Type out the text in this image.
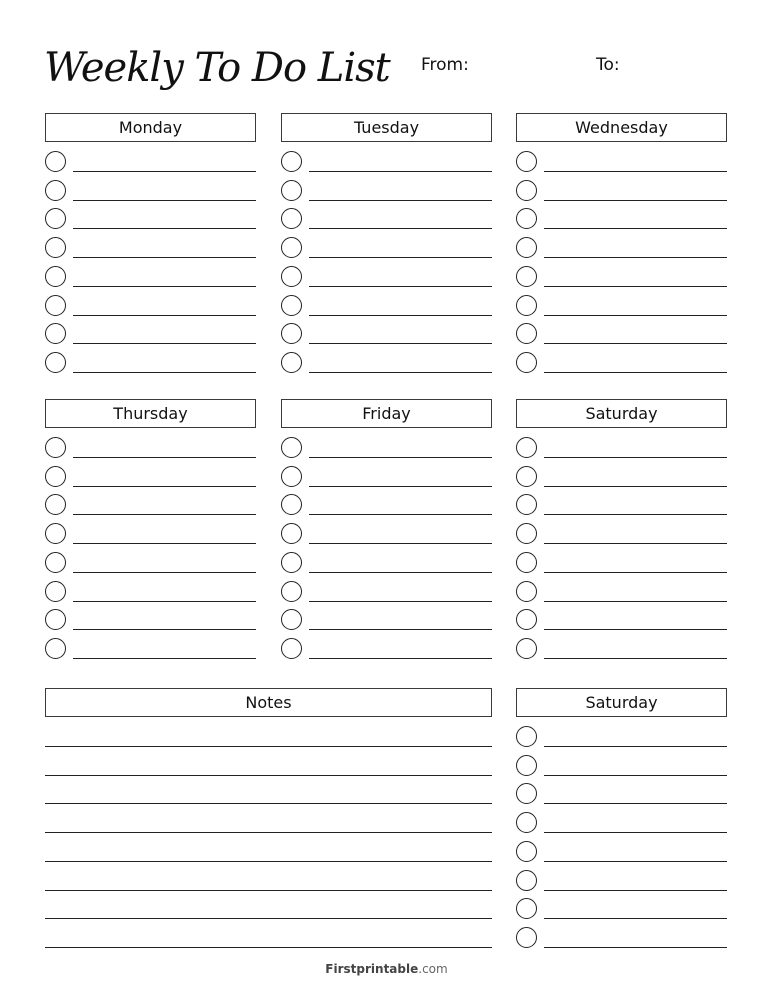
Weekly To Do List From:	To:
Monday	Tuesday	Wednesday
Thursday	Friday	Saturday
Notes	Saturday
Firstprintable.com
